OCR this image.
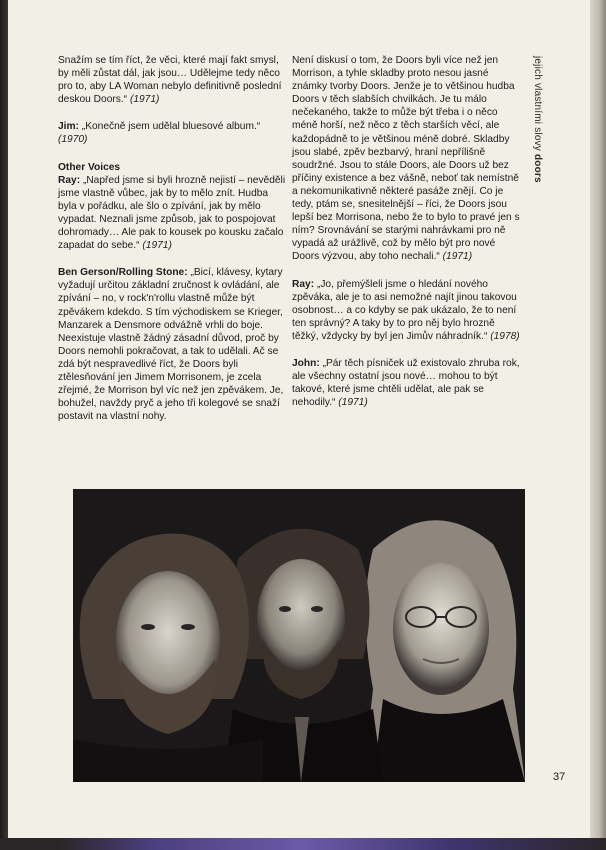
Snažím se tím říct, že věci, které mají fakt smysl, by měli zůstat dál, jak jsou… Udělejme tedy něco pro to, aby LA Woman nebylo definitivně poslední deskou Doors.“ (1971)

Jim: „Konečně jsem udělal bluesové album.“ (1970)

Other Voices

Ray: „Napřed jsme si byli hrozně nejistí – nevěděli jsme vlastně vůbec, jak by to mělo znít. Hudba byla v pořádku, ale šlo o zpívání, jak by mělo vypadat. Neznali jsme způsob, jak to pospojovat dohromady… Ale pak to kousek po kousku začalo zapadat do sebe.“ (1971)

Ben Gerson/Rolling Stone: „Bicí, klávesy, kytary vyžadují určitou základní zručnost k ovládání, ale zpívání – no, v rock'n'rollu vlastně může být zpěvákem kdekdo. S tím východiskem se Krieger, Manzarek a Densmore odvážně vrhli do boje. Neexistuje vlastně žádný zásadní důvod, proč by Doors nemohli pokračovat, a tak to udělali. Ač se zdá být nespravedlivé říct, že Doors byli ztělesňování jen Jimem Morrisonem, je zcela zřejmé, že Morrison byl víc než jen zpěvákem. Je, bohužel, navždy pryč a jeho tři kolegové se snaží postavit na vlastní nohy.

Není diskusí o tom, že Doors byli více než jen Morrison, a tyhle skladby proto nesou jasné známky tvorby Doors. Jenže je to většinou hudba Doors v těch slabších chvilkách. Je tu málo nečekaného, takže to může být třeba i o něco méně horší, než něco z těch starších věcí, ale každopádně to je většinou méně dobré. Skladby jsou slabé, zpěv bezbarvý, hraní nepřílišně soudržné. Jsou to stále Doors, ale Doors už bez příčiny existence a bez vášně, neboť tak nemístně a nekomunikativně některé pasáže znějí. Co je tedy, ptám se, snesitelnější – říci, že Doors jsou lepší bez Morrisona, nebo že to bylo to pravé jen s ním? Srovnávání se starými nahrávkami pro ně vypadá až urážlivě, což by mělo být pro nové Doors výzvou, aby toho nechali.“ (1971)

Ray: „Jo, přemýšleli jsme o hledání nového zpěváka, ale je to asi nemožné najít jinou takovou osobnost… a co kdyby se pak ukázalo, že to není ten správný? A taky by to pro něj bylo hrozně těžký, vždycky by byl jen Jimův náhradník.“ (1978)

John: „Pár těch písniček už existovalo zhruba rok, ale všechny ostatní jsou nové… mohou to být takové, které jsme chtěli udělat, ale pak se nehodily.“ (1971)

jejich vlastními slovy doors
37
